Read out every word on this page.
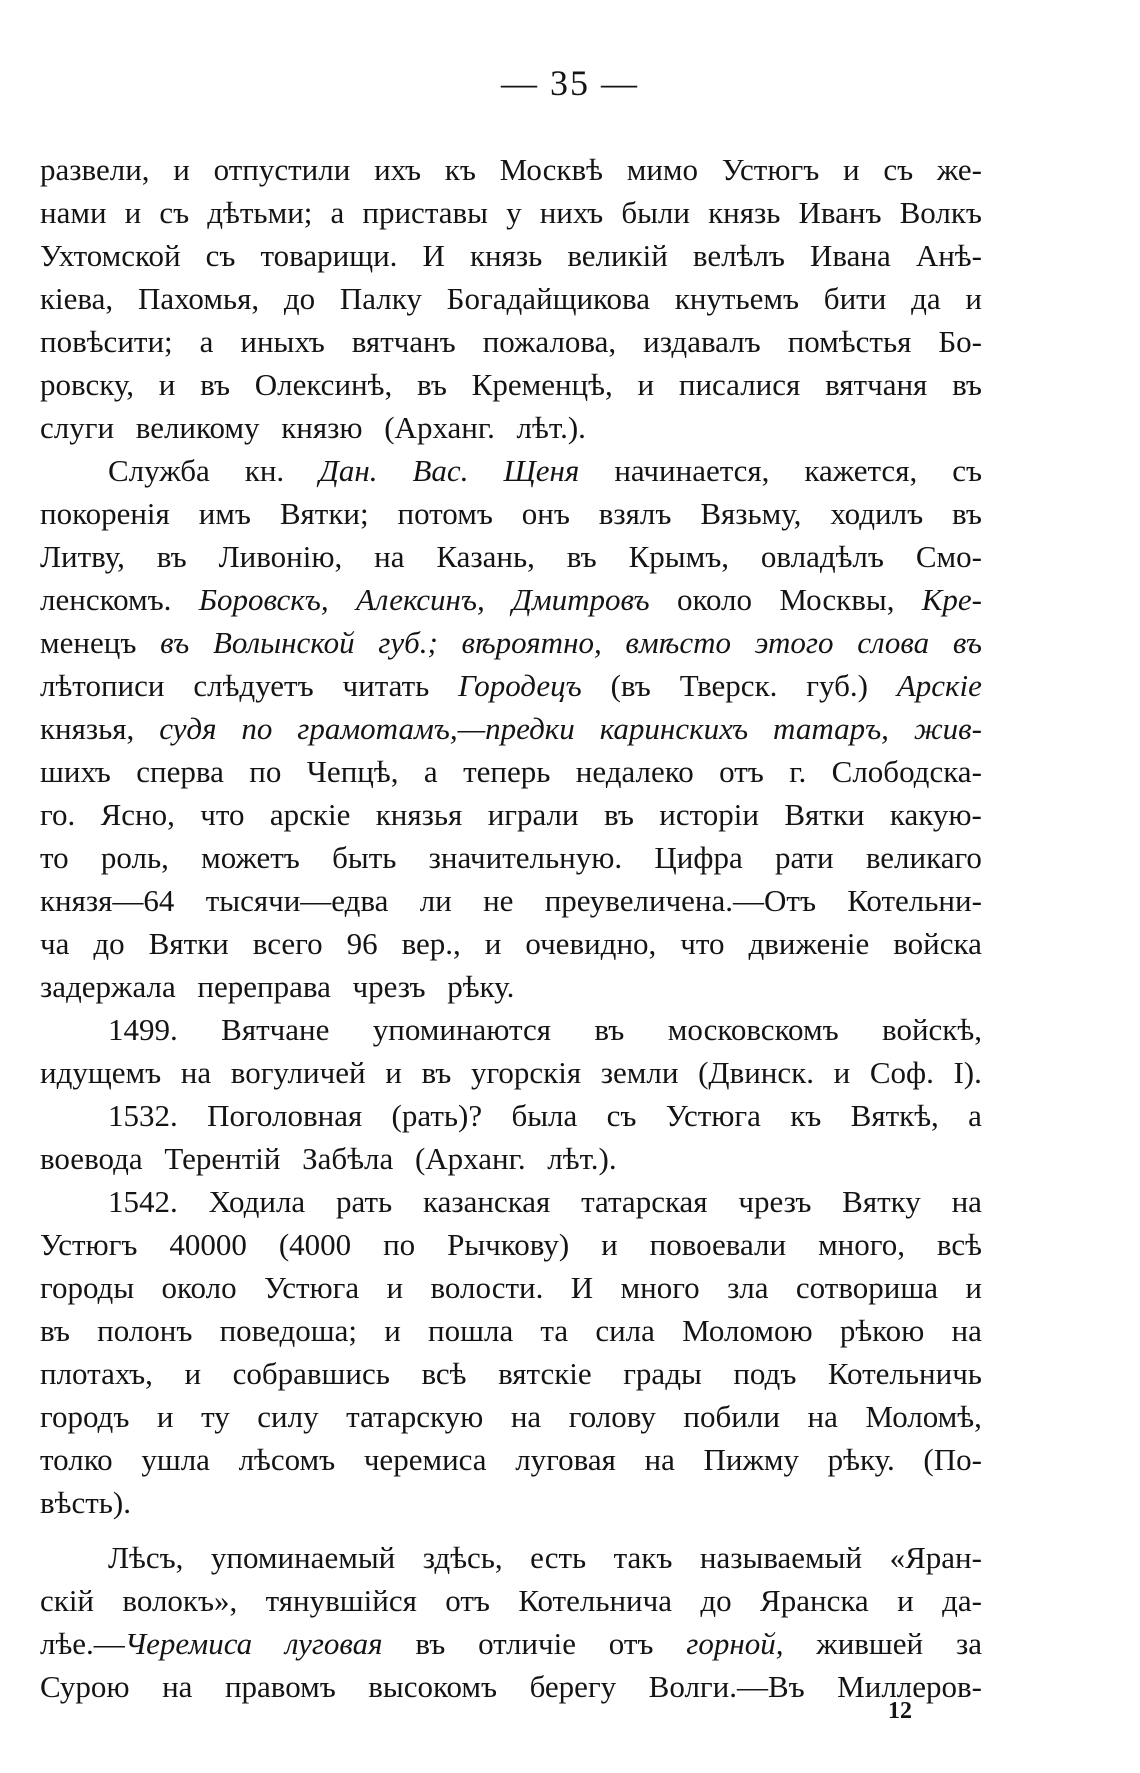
— 35 —
развели, и отпустили ихъ къ Москвѣ мимо Устюгъ и съ же-
нами и съ дѣтьми; а приставы у нихъ были князь Иванъ Волкъ
Ухтомской съ товарищи. И князь великій велѣлъ Ивана Анѣ-
кіева, Пахомья, до Палку Богадайщикова кнутьемъ бити да и
повѣсити; а иныхъ вятчанъ пожалова, издавалъ помѣстья Бо-
ровску, и въ Олексинѣ, въ Кременцѣ, и писалися вятчаня въ
слуги великому князю (Арханг. лѣт.).
Служба кн. Дан. Вас. Щеня начинается, кажется, съ
покоренія имъ Вятки; потомъ онъ взялъ Вязьму, ходилъ въ
Литву, въ Ливонію, на Казань, въ Крымъ, овладѣлъ Смо-
ленскомъ. Боровскъ, Алексинъ, Дмитровъ около Москвы, Кре-
менецъ въ Волынской губ.; вѣроятно, вмѣсто этого слова въ
лѣтописи слѣдуетъ читать Городецъ (въ Тверск. губ.) Арскіе
князья, судя по грамотамъ,—предки каринскихъ татаръ, жив-
шихъ сперва по Чепцѣ, а теперь недалеко отъ г. Слободска-
го. Ясно, что арскіе князья играли въ исторіи Вятки какую-
то роль, можетъ быть значительную. Цифра рати великаго
князя—64 тысячи—едва ли не преувеличена.—Отъ Котельни-
ча до Вятки всего 96 вер., и очевидно, что движеніе войска
задержала переправа чрезъ рѣку.
1499. Вятчане упоминаются въ московскомъ войскѣ,
идущемъ на вогуличей и въ угорскія земли (Двинск. и Соф. I).
1532. Поголовная (рать)? была съ Устюга къ Вяткѣ, а
воевода Терентій Забѣла (Арханг. лѣт.).
1542. Ходила рать казанская татарская чрезъ Вятку на
Устюгъ 40000 (4000 по Рычкову) и повоевали много, всѣ
городы около Устюга и волости. И много зла сотвориша и
въ полонъ поведоша; и пошла та сила Моломою рѣкою на
плотахъ, и собравшись всѣ вятскіе грады подъ Котельничь
городъ и ту силу татарскую на голову побили на Моломѣ,
толко ушла лѣсомъ черемиса луговая на Пижму рѣку. (По-
вѣсть).
Лѣсъ, упоминаемый здѣсь, есть такъ называемый «Яран-
скій волокъ», тянувшійся отъ Котельнича до Яранска и да-
лѣе.—Черемиса луговая въ отличіе отъ горной, жившей за
Сурою на правомъ высокомъ берегу Волги.—Въ Миллеров-
12
